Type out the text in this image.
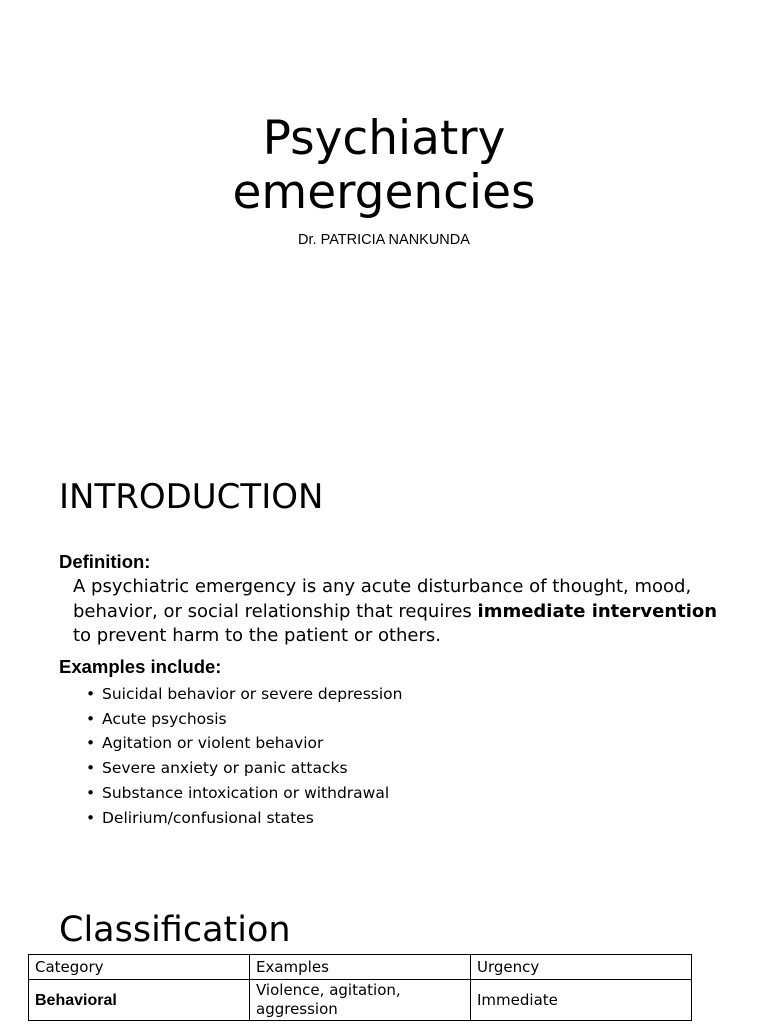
Psychiatry
emergencies
Dr. PATRICIA NANKUNDA
INTRODUCTION
Definition:
A psychiatric emergency is any acute disturbance of thought, mood,
behavior, or social relationship that requires immediate intervention
to prevent harm to the patient or others.
Examples include:
• Suicidal behavior or severe depression
• Acute psychosis
• Agitation or violent behavior
• Severe anxiety or panic attacks
• Substance intoxication or withdrawal
• Delirium/confusional states
Classification
Category	Examples	Urgency
Behavioral	Violence, agitation, aggression	Immediate
